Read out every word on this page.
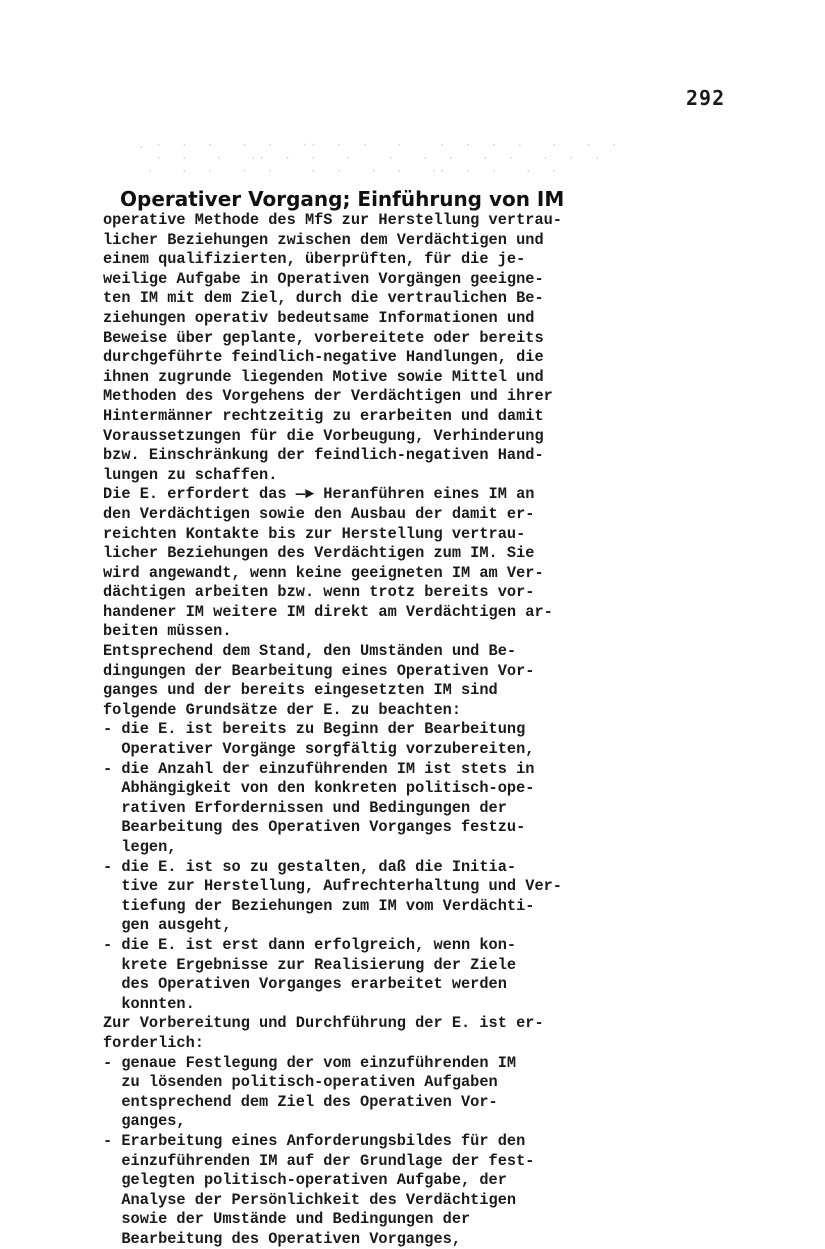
292
. ·  ·  ·   ·  ·   ··  ·  ·   ·    ·  ·  ·  ·   ·   ·  ·
·  ·   ·   ··  ·  ·   ·    ·   ·  ·   ·  ·   ·  ·  ·
·   ·  ·   ·  ·    ·  ·   ·  ·   ··  ·  ·   ·  ·
Operativer Vorgang; Einführung von IM
operative Methode des MfS zur Herstellung vertrau-
licher Beziehungen zwischen dem Verdächtigen und
einem qualifizierten, überprüften, für die je-
weilige Aufgabe in Operativen Vorgängen geeigne-
ten IM mit dem Ziel, durch die vertraulichen Be-
ziehungen operativ bedeutsame Informationen und
Beweise über geplante, vorbereitete oder bereits
durchgeführte feindlich-negative Handlungen, die
ihnen zugrunde liegenden Motive sowie Mittel und
Methoden des Vorgehens der Verdächtigen und ihrer
Hintermänner rechtzeitig zu erarbeiten und damit
Voraussetzungen für die Vorbeugung, Verhinderung
bzw. Einschränkung der feindlich-negativen Hand-
lungen zu schaffen.
Die E. erfordert das —► Heranführen eines IM an
den Verdächtigen sowie den Ausbau der damit er-
reichten Kontakte bis zur Herstellung vertrau-
licher Beziehungen des Verdächtigen zum IM. Sie
wird angewandt, wenn keine geeigneten IM am Ver-
dächtigen arbeiten bzw. wenn trotz bereits vor-
handener IM weitere IM direkt am Verdächtigen ar-
beiten müssen.
Entsprechend dem Stand, den Umständen und Be-
dingungen der Bearbeitung eines Operativen Vor-
ganges und der bereits eingesetzten IM sind
folgende Grundsätze der E. zu beachten:
- die E. ist bereits zu Beginn der Bearbeitung
Operativer Vorgänge sorgfältig vorzubereiten,
- die Anzahl der einzuführenden IM ist stets in
Abhängigkeit von den konkreten politisch-ope-
rativen Erfordernissen und Bedingungen der
Bearbeitung des Operativen Vorganges festzu-
legen,
- die E. ist so zu gestalten, daß die Initia-
tive zur Herstellung, Aufrechterhaltung und Ver-
tiefung der Beziehungen zum IM vom Verdächti-
gen ausgeht,
- die E. ist erst dann erfolgreich, wenn kon-
krete Ergebnisse zur Realisierung der Ziele
des Operativen Vorganges erarbeitet werden
konnten.
Zur Vorbereitung und Durchführung der E. ist er-
forderlich:
- genaue Festlegung der vom einzuführenden IM
zu lösenden politisch-operativen Aufgaben
entsprechend dem Ziel des Operativen Vor-
ganges,
- Erarbeitung eines Anforderungsbildes für den
einzuführenden IM auf der Grundlage der fest-
gelegten politisch-operativen Aufgabe, der
Analyse der Persönlichkeit des Verdächtigen
sowie der Umstände und Bedingungen der
Bearbeitung des Operativen Vorganges,
